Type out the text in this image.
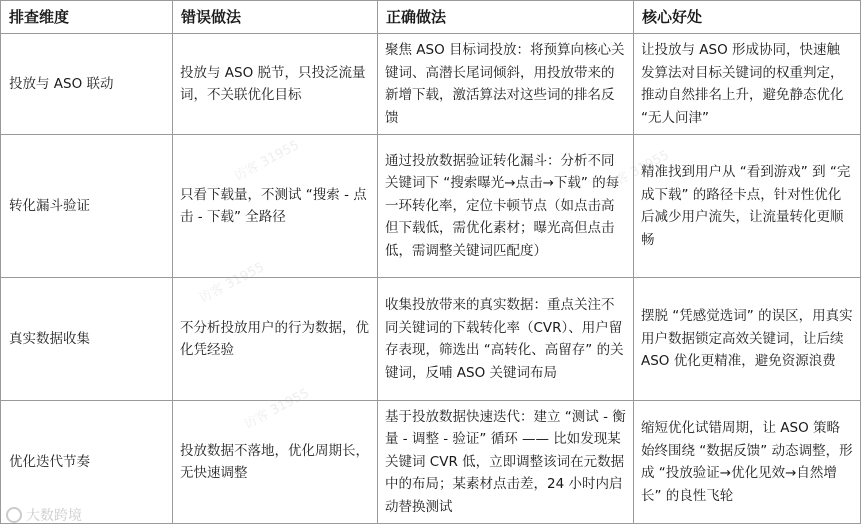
排查维度	错误做法	正确做法	核心好处
投放与 ASO 联动	投放与 ASO 脱节，只投泛流量词，不关联优化目标	聚焦 ASO 目标词投放：将预算向核心关键词、高潜长尾词倾斜，用投放带来的新增下载，激活算法对这些词的排名反馈	让投放与 ASO 形成协同，快速触发算法对目标关键词的权重判定，推动自然排名上升，避免静态优化 “无人问津”
转化漏斗验证	只看下载量，不测试 “搜索 - 点击 - 下载” 全路径	通过投放数据验证转化漏斗：分析不同关键词下 “搜索曝光→点击→下载” 的每一环转化率，定位卡顿节点（如点击高但下载低，需优化素材；曝光高但点击低，需调整关键词匹配度）	精准找到用户从 “看到游戏” 到 “完成下载” 的路径卡点，针对性优化后减少用户流失，让流量转化更顺畅
真实数据收集	不分析投放用户的行为数据，优化凭经验	收集投放带来的真实数据：重点关注不同关键词的下载转化率（CVR）、用户留存表现，筛选出 “高转化、高留存” 的关键词，反哺 ASO 关键词布局	摆脱 “凭感觉选词” 的误区，用真实用户数据锁定高效关键词，让后续 ASO 优化更精准，避免资源浪费
优化迭代节奏	投放数据不落地，优化周期长，无快速调整	基于投放数据快速迭代：建立 “测试 - 衡量 - 调整 - 验证” 循环 —— 比如发现某关键词 CVR 低，立即调整该词在元数据中的布局；某素材点击差，24 小时内启动替换测试	缩短优化试错周期，让 ASO 策略始终围绕 “数据反馈” 动态调整，形成 “投放验证→优化见效→自然增长” 的良性飞轮
访客 31955
访客 31955
访客 31955
访客 31955
大数跨境
